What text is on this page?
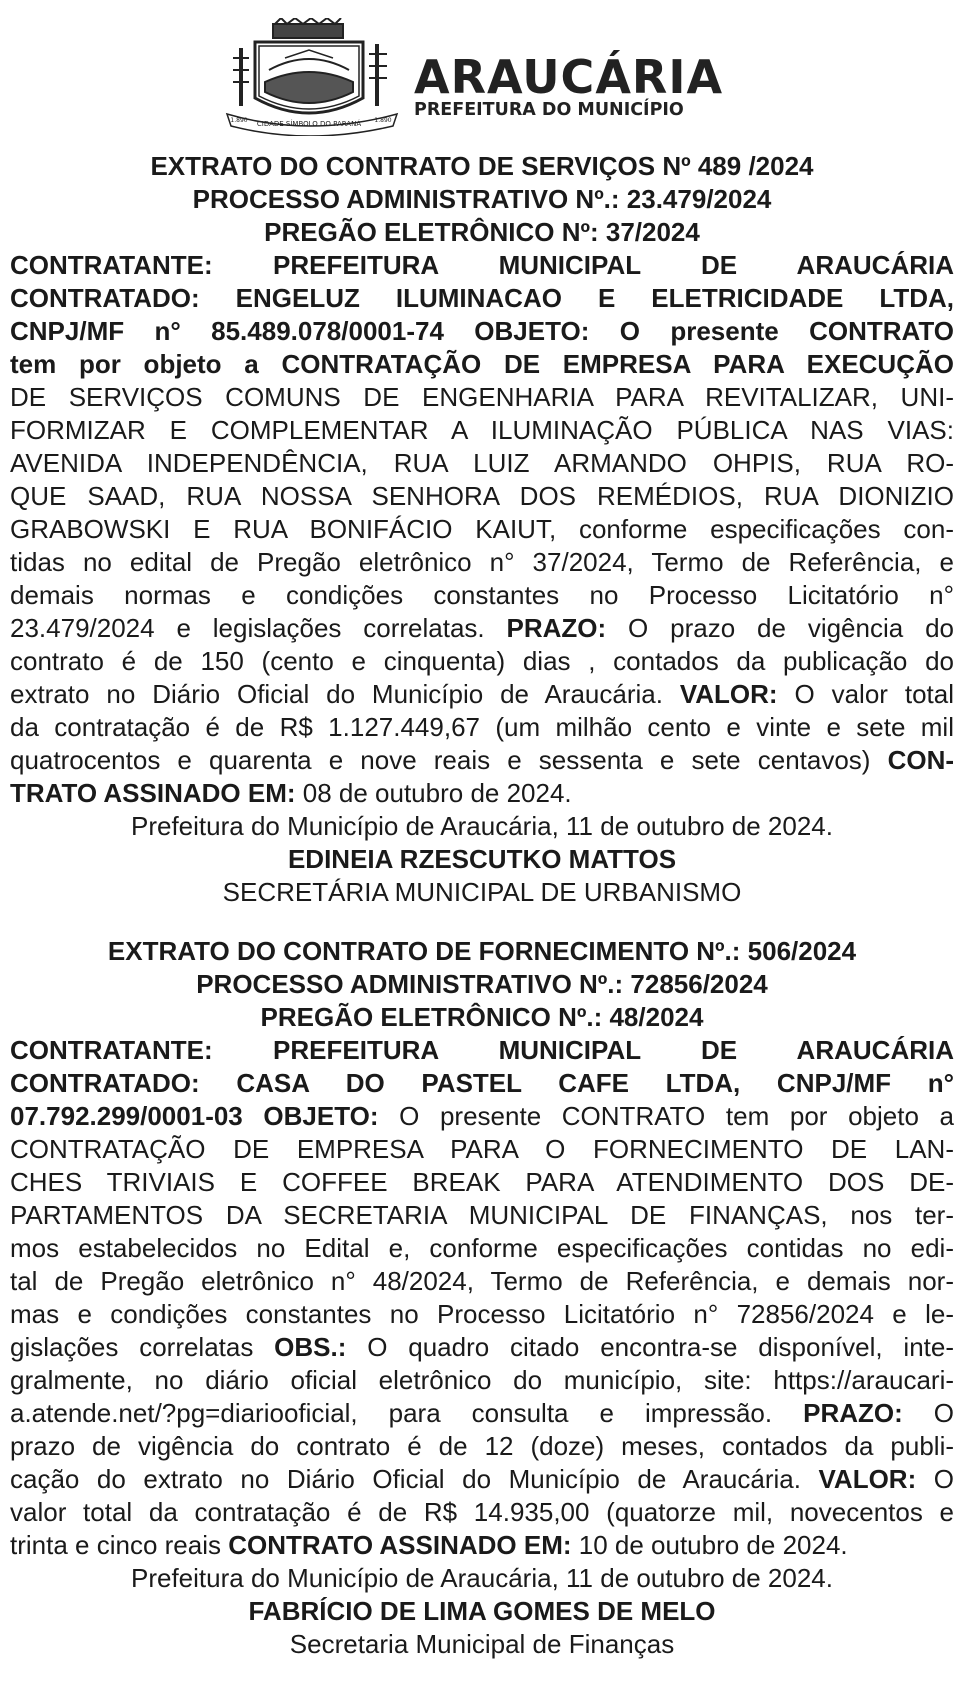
CIDADE SÍMBOLO DO PARANÁ
1.890	1.890
ARAUCÁRIA
PREFEITURA DO MUNICÍPIO
EXTRATO DO CONTRATO DE SERVIÇOS Nº 489 /2024
PROCESSO ADMINISTRATIVO Nº.: 23.479/2024
PREGÃO ELETRÔNICO Nº: 37/2024
CONTRATANTE: PREFEITURA MUNICIPAL DE ARAUCÁRIA
CONTRATADO: ENGELUZ ILUMINACAO E ELETRICIDADE LTDA,
CNPJ/MF n° 85.489.078/0001-74 OBJETO: O presente CONTRATO
tem por objeto a CONTRATAÇÃO DE EMPRESA PARA EXECUÇÃO
DE SERVIÇOS COMUNS DE ENGENHARIA PARA REVITALIZAR, UNI-
FORMIZAR E COMPLEMENTAR A ILUMINAÇÃO PÚBLICA NAS VIAS:
AVENIDA INDEPENDÊNCIA, RUA LUIZ ARMANDO OHPIS, RUA RO-
QUE SAAD, RUA NOSSA SENHORA DOS REMÉDIOS, RUA DIONIZIO
GRABOWSKI E RUA BONIFÁCIO KAIUT, conforme especificações con-
tidas no edital de Pregão eletrônico n° 37/2024, Termo de Referência, e
demais normas e condições constantes no Processo Licitatório n°
23.479/2024 e legislações correlatas. PRAZO: O prazo de vigência do
contrato é de 150 (cento e cinquenta) dias , contados da publicação do
extrato no Diário Oficial do Município de Araucária. VALOR: O valor total
da contratação é de R$ 1.127.449,67 (um milhão cento e vinte e sete mil
quatrocentos e quarenta e nove reais e sessenta e sete centavos) CON-
TRATO ASSINADO EM: 08 de outubro de 2024.
Prefeitura do Município de Araucária, 11 de outubro de 2024.
EDINEIA RZESCUTKO MATTOS
SECRETÁRIA MUNICIPAL DE URBANISMO
EXTRATO DO CONTRATO DE FORNECIMENTO Nº.: 506/2024
PROCESSO ADMINISTRATIVO Nº.: 72856/2024
PREGÃO ELETRÔNICO Nº.: 48/2024
CONTRATANTE: PREFEITURA MUNICIPAL DE ARAUCÁRIA
CONTRATADO: CASA DO PASTEL CAFE LTDA, CNPJ/MF n°
07.792.299/0001-03 OBJETO: O presente CONTRATO tem por objeto a
CONTRATAÇÃO DE EMPRESA PARA O FORNECIMENTO DE LAN-
CHES TRIVIAIS E COFFEE BREAK PARA ATENDIMENTO DOS DE-
PARTAMENTOS DA SECRETARIA MUNICIPAL DE FINANÇAS, nos ter-
mos estabelecidos no Edital e, conforme especificações contidas no edi-
tal de Pregão eletrônico n° 48/2024, Termo de Referência, e demais nor-
mas e condições constantes no Processo Licitatório n° 72856/2024 e le-
gislações correlatas OBS.: O quadro citado encontra-se disponível, inte-
gralmente, no diário oficial eletrônico do município, site: https://araucari-
a.atende.net/?pg=diariooficial, para consulta e impressão. PRAZO: O
prazo de vigência do contrato é de 12 (doze) meses, contados da publi-
cação do extrato no Diário Oficial do Município de Araucária. VALOR: O
valor total da contratação é de R$ 14.935,00 (quatorze mil, novecentos e
trinta e cinco reais CONTRATO ASSINADO EM: 10 de outubro de 2024.
Prefeitura do Município de Araucária, 11 de outubro de 2024.
FABRÍCIO DE LIMA GOMES DE MELO
Secretaria Municipal de Finanças
